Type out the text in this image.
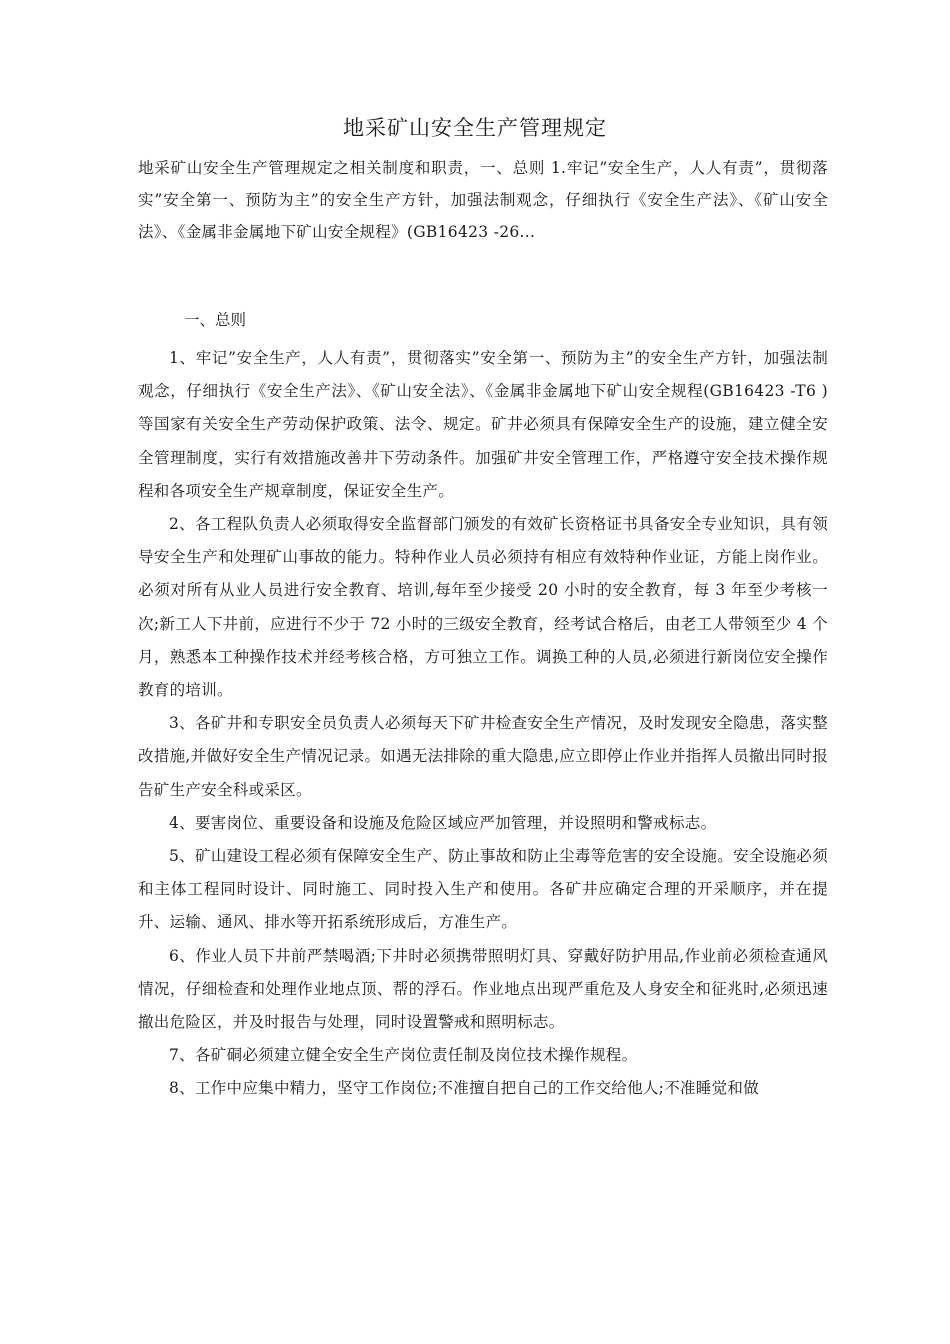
地采矿山安全生产管理规定
地采矿山安全生产管理规定之相关制度和职责，一、总则 1.牢记”安全生产，人人有责”，贯彻落实”安全第一、预防为主”的安全生产方针，加强法制观念，仔细执行《安全生产法》、《矿山安全法》、《金属非金属地下矿山安全规程》(GB16423 -26...
一、总则

1、牢记”安全生产，人人有责”，贯彻落实”安全第一、预防为主”的安全生产方针，加强法制观念，仔细执行《安全生产法》、《矿山安全法》、《金属非金属地下矿山安全规程(GB16423 -T6 )等国家有关安全生产劳动保护政策、法令、规定。矿井必须具有保障安全生产的设施，建立健全安全管理制度，实行有效措施改善井下劳动条件。加强矿井安全管理工作，严格遵守安全技术操作规程和各项安全生产规章制度，保证安全生产。

2、各工程队负责人必须取得安全监督部门颁发的有效矿长资格证书具备安全专业知识，具有领导安全生产和处理矿山事故的能力。特种作业人员必须持有相应有效特种作业证，方能上岗作业。必须对所有从业人员进行安全教育、培训,每年至少接受 20 小时的安全教育，每 3 年至少考核一次;新工人下井前，应进行不少于 72 小时的三级安全教育，经考试合格后，由老工人带领至少 4 个月，熟悉本工种操作技术并经考核合格，方可独立工作。调换工种的人员,必须进行新岗位安全操作教育的培训。

3、各矿井和专职安全员负责人必须每天下矿井检查安全生产情况，及时发现安全隐患，落实整改措施,并做好安全生产情况记录。如遇无法排除的重大隐患,应立即停止作业并指挥人员撤出同时报告矿生产安全科或采区。

4、要害岗位、重要设备和设施及危险区域应严加管理，并设照明和警戒标志。

5、矿山建设工程必须有保障安全生产、防止事故和防止尘毒等危害的安全设施。安全设施必须和主体工程同时设计、同时施工、同时投入生产和使用。各矿井应确定合理的开采顺序，并在提升、运输、通风、排水等开拓系统形成后，方准生产。

6、作业人员下井前严禁喝酒;下井时必须携带照明灯具、穿戴好防护用品,作业前必须检查通风情况，仔细检查和处理作业地点顶、帮的浮石。作业地点出现严重危及人身安全和征兆时,必须迅速撤出危险区，并及时报告与处理，同时设置警戒和照明标志。

7、各矿硐必须建立健全安全生产岗位责任制及岗位技术操作规程。

8、工作中应集中精力，坚守工作岗位;不准擅自把自己的工作交给他人;不准睡觉和做
